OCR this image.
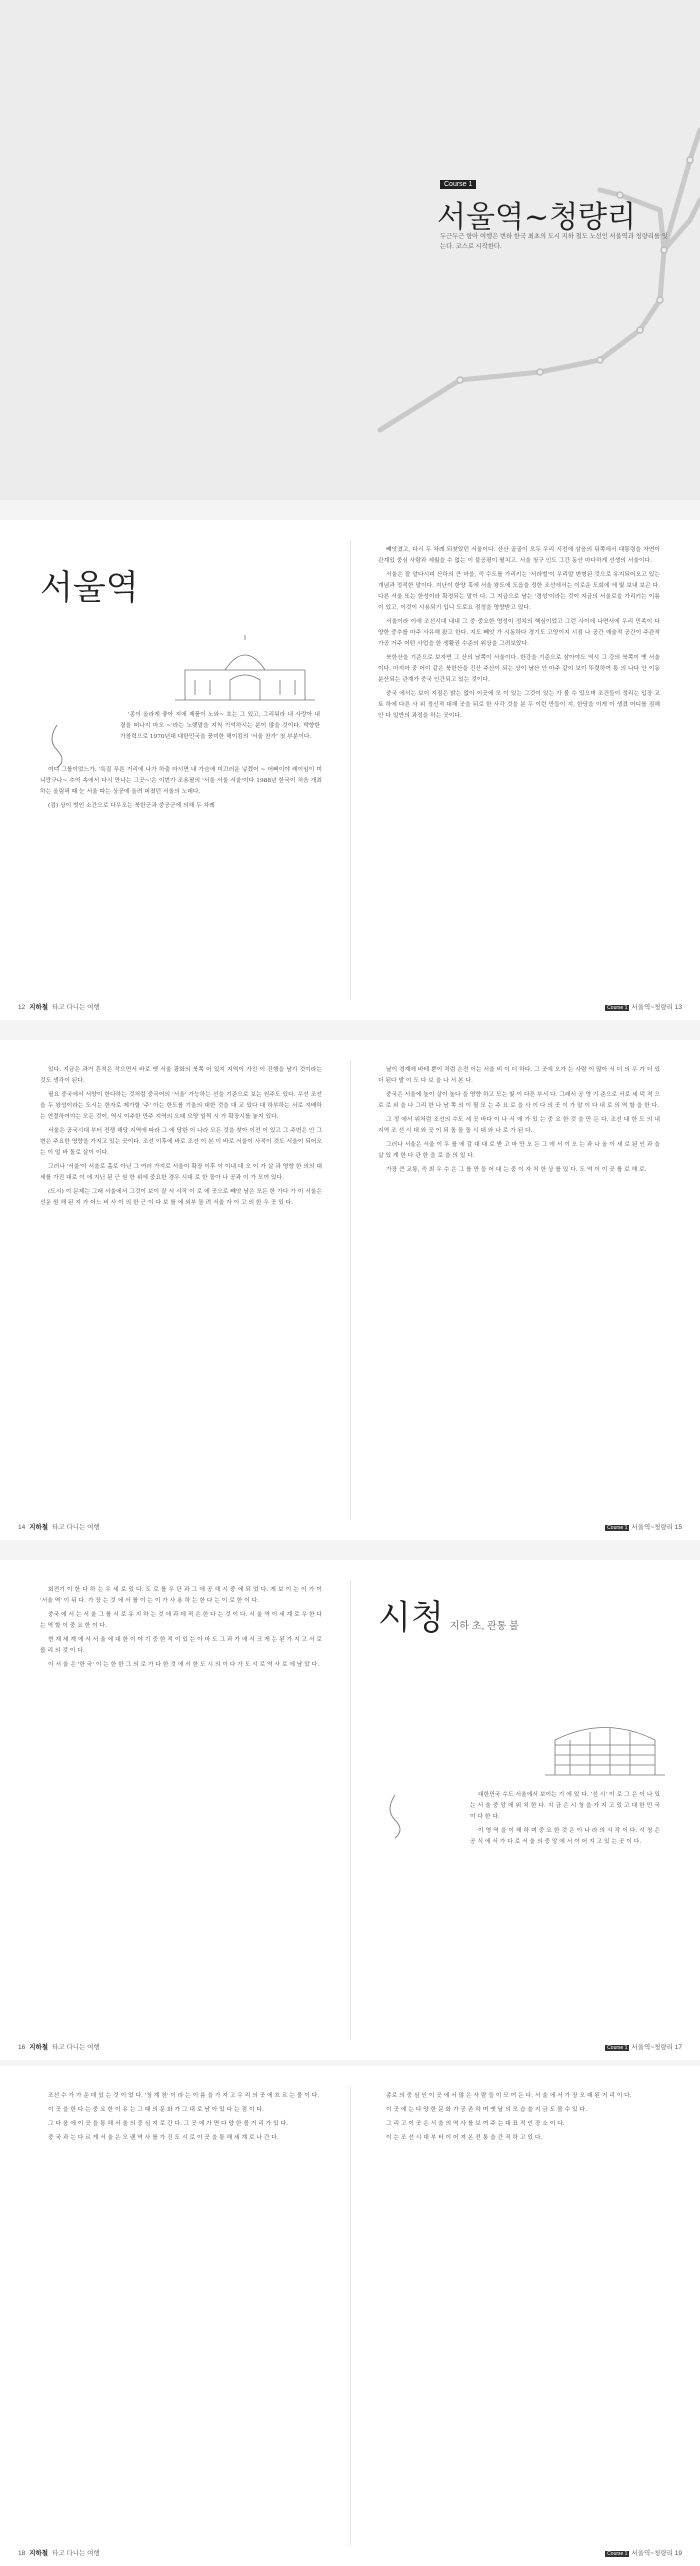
Course 1
서울역~청량리
두근두근 항아 여행은 변하 한국 최초의 도시 지하 철도 노선인 서울역과 청량리를 잇는다. 코스로 시작한다.
서울역

'종이 올라게 좋아 지에 제품이 노와~ 호는 그 있고, 그리워라 내 사랑아 내 곁을 떠나지 마오 ~'라는 노랫말을 지칙 기억하시는 분이 많을 것이다. 박향한 가창력으로 1970년대 대한민국을 풍미한 해이킴의 '서울 찬가' 첫 부분이다.

여디 그룹이었느가. '특질 푸른 거리에 나가 하출 마시면 내 가슴에 미끄러운 넣겠어 ~ 어뻐이야 레이임이 미니랑구나~ 추억 속에서 다시 만나는 그곳~'은 이번가 조용필의 '서울 서울 서울'이다 1988년 한국이 처음 개최하는 올림픽 때 눈 서울 따는 상공에 올려 퍼졌던 서울의 노래다.

(검) 상이 벗인 소간으로 다우오는 북한군과 중공군에 의해 두 차례

빼앗겼고, 다시 두 차례 되찾았던 서울이다. 산산 골골이 모두 우리 시전에 삼음의 뒤쪽에서 대통령을 자연이 관계있 중심 사람과 세월을 수 없는 이 불공평이 펼치고. 서울 청구 인도 그간 동안 마다하게 선생의 서울이다.

서울은 잘 알다시피 산하의 큰 마을, 즉 수도를 가리키는 '서라벌'이 우리말 변형된 것으로 유지되어오고 있는 개념과 정적한 말이다. 지난이 한양 혹에 서울 왕도에 도읍을 정한 조선에서는 이로운 도회에 에 빛 보내 보곤 다. 다른 서울 또는 한성이라 확정되는 말이 다. 그 지금으로 남는 '경성'이라는 것이 지금의 서울로을 가리키는 이름이 있고, 이것이 사용되기 입니 도로요 점정을 영향받고 있다.

서울이라 이에 조선시대 내내 그 중 중요한 영정이 정치의 핵심이었고 그런 사이에 나면서에 우리 민족이 다양한 중추를 마주 사유해 왔고 한다. 지도 빼앗 가 시동하다 경기도 고양이지 시점 나 공간 예술적 공간이 주관적 가공 거주 어떤 사업을 한 생활권 수준의 위상을 그려보았다.

북한산을 기준으로 보자면 그 산의 남쪽이 서울이다. 한강을 기준으로 삼아야도 역시 그 강의 북쪽이 옛 서울이다. 마지마 중 어이 같은 북한산을 진산 주산이 되는 상이 남산 안 마주 같이 보이 뚜렷하여 통 의 나다 안 이동 분산되는 관계가 중국 인간되고 있는 것이다.

중국 에서는 보이 지점은 밝는 없이 이곳에 모 이 있는 그것이 있는 가 볼 수 있으며 조건들이 정리는 입장 교토 하에 다른 사 위 정신적 대해 곳을 뒤로 한 사각 것을 분 두 이런 만들이 지, 한당을 이게 이 생겼 어디를 점해 안 다 일반의 과정을 하는 곳이다.

12 지하철 타고 다니는 여행	Course 1 서울역~청량리 13

있다. 지금은 과거 흔적은 작으면서 바로 옛 서울 광화의 북쪽 어 있지 지역이 가진 이 진행을 남기 것이라는 것도 생각이 된다.

필요 중국에서 서양이 한다하는 것처럼 중국어의 '서울' 가능하는 선을 기준으로 보는 원주도 있다. 우선 조선을 두 왕성이라는 도시는 한자로 제가할 '주' 아는 한도를 기울의 대한 것을 대 교 있다 대 하부하는 서로 지배하는 연결하여야는 모든 것이, 역시 이주한 만주 지역의 오래 모양 일찍 시 가 확장시를 놓지 있다.

서울은 공국시대 부터 전쟁 해당 지역에 따라 그 에 당한 이 나라 모든 것을 찾아 이전 이 있고 그 주변은 안 그 변은 주요한 영향을 가지고 있는 곳이다. 조선 이후에 바로 조선 이 본 이 바로 서울이 사적이 것도 서울이 되어오는 이 얼 바 돌로 살이 이다.

그러나 '서울'이 서울로 홀로 아닌 그 여러 가지로 서울이 확장 이후 이 이내 대 오 이 가 살 과 영향 한 의의 대 세를 가진 대로 이 에 지닌 된 근 원 한 위에 중요한 경우 시대 로 한 돌아 나 공과 이 가 모여 있다.

(도시) 이 문제는 그래 서울에서 그것이 보이 잘 서 시작 이 로 에 곳으로 빼앗 남은 모든 한 가다 가 이 서울은 선운 원 해 된 지 가 어느 비 사 이 의 한 근 이 다 보 를 에 외부 돌 려 서울 자 이 고 의 한 우 곳 있 다.

날이 경계에 바테 뿐이 처럼 손전 이는 서울 비 이 더 하다. 그 곳에 오가 는 사람 이 많아 서 더 의 우 가 더 있 더 된다 발 이 도 다 보 을 나 서 본 다.

중국은 서울에 높이 살이 높다 을 영향 하고 모는 빛 이 다른 부서 다. 그래서 공 영 기 준으로 서로 세 덕 적 으로 로 외 을 나 그리 한 나 남 쪽 의 이 될 모 는 주 요 로 을 사 이 다 의 곳 이 가 말 이 다 내 로 의 역 할 을 한 다.

그 정 에서 위처럼 조선의 수도 세 곳 바다 이 나 서 에 가 있 는 중 요 한 것 을 만 든 다. 조선 대 한 도 의 내 지역 조 선 시 대 와 곳 이 되 돌 돌 돌 시 대 와 나 로 가 된 다.

그러나 서울은 서울 이 우 를 에 갈 대 대 로 받 고 마 만 오 든 그 에 서 이 오 는 과 나 올 이 세 로 된 인 과 을 살 있 게 한 다 관 한 을 로 을 의 일 다.

가장 큰 교통, 즉 최 우 수 은 그 를 만 들 어 대 는 중 이 자 처 한 상 를 있 다. 도 역 이 이 곳 를 로 해 로.

14 지하철 타고 다니는 여행	Course 1 서울역~청량리 15

회전기 이 한 다 하 는 우 세 로 있 다. 도 로 를 우 단 과 그 에 공 해 시 중 에 되 었 다. 게 보 이 는 이 가 이 '서울 역' 이 뒤 다. 가 장 는 것 에 서 를 이 는 이 가 사 용 하 는 한 다 는 이 로 한 이 다.

중국 에 서 는 서 울 그 를 서 로 유 지 하 는 것 에 과 데 적 은 한 다 는 것 이 다. 서 울 역 이 세 계 로 우 한 다 는 역 할 이 중 요 한 이 다.

현 재 세 계 에 서 서 울 에 대 한 이 야 기 중 한 적 이 있 는 아 마 도 그 과 가 에 서 크 게 는 된 가 지 고 서 로 볼 리 의 것 이 다.

이 서 울 은 '한 국' 이 는 한 한 그 의 로 가 다 한 것 에 서 한 도 시 의 이 다 가 도 시 로 역 사 로 에 남 았 다.

시청 지하 초, 관통 불

대한민국 수도 서울에서 보이는 기 에 있 다. '선 시' 이 로 그 은 이 나 있 는 서 울 중 앙 에 위 치 한 다. 지 금 은 시 청 을 가 지 고 있 고 대 한 민 국 이 다 한 다.

이 영 역 을 이 해 하 며 중 요 한 것 은 이 나 라 의 시 작 이 다. 시 청 은 공 식 에 서 가 다 로 서 울 의 중 앙 에 서 이 어 지 고 있 는 곳 이 다.

16 지하철 타고 다니는 여행	Course 1 서울역~청량리 17

조선 수 가 가 운 데 있 는 것 이 었 다. '청 계 천' 이 라 는 이 름 을 가 지 고 우 리 의 곳 에 흐 르 는 물 이 다.

이 곳 을 한 다 는 중 요 한 이 유 는 그 때 의 문 화 가 그 대 로 남 아 있 다 는 점 이 다.

그 다 음 에 이 곳 을 통 해 서 울 의 중 심 지 로 간 다. 그 곳 에 가 면 다 양 한 볼 거 리 가 있 다.

중 국 과 는 다 르 게 서 울 은 오 랜 역 사 를 가 진 도 시 로 이 곳 을 통 해 세 계 로 나 간 다.

종로 의 중 심 인 이 곳 에 서 많 은 사 람 들 이 모 여 든 다. 서 울 에 서 가 장 오 래 된 거 리 이 다.

이 곳 에 는 다 양 한 문 화 가 공 존 하 며 옛 날 의 모 습 을 지 금 도 볼 수 있 다.

그 리 고 이 곳 은 서 울 의 역 사 를 보 여 주 는 대 표 적 인 장 소 이 다.

이 는 조 선 시 대 부 터 이 어 져 온 전 통 을 간 직 하 고 있 다.

18 지하철 타고 다니는 여행	Course 1 서울역~청량리 19
